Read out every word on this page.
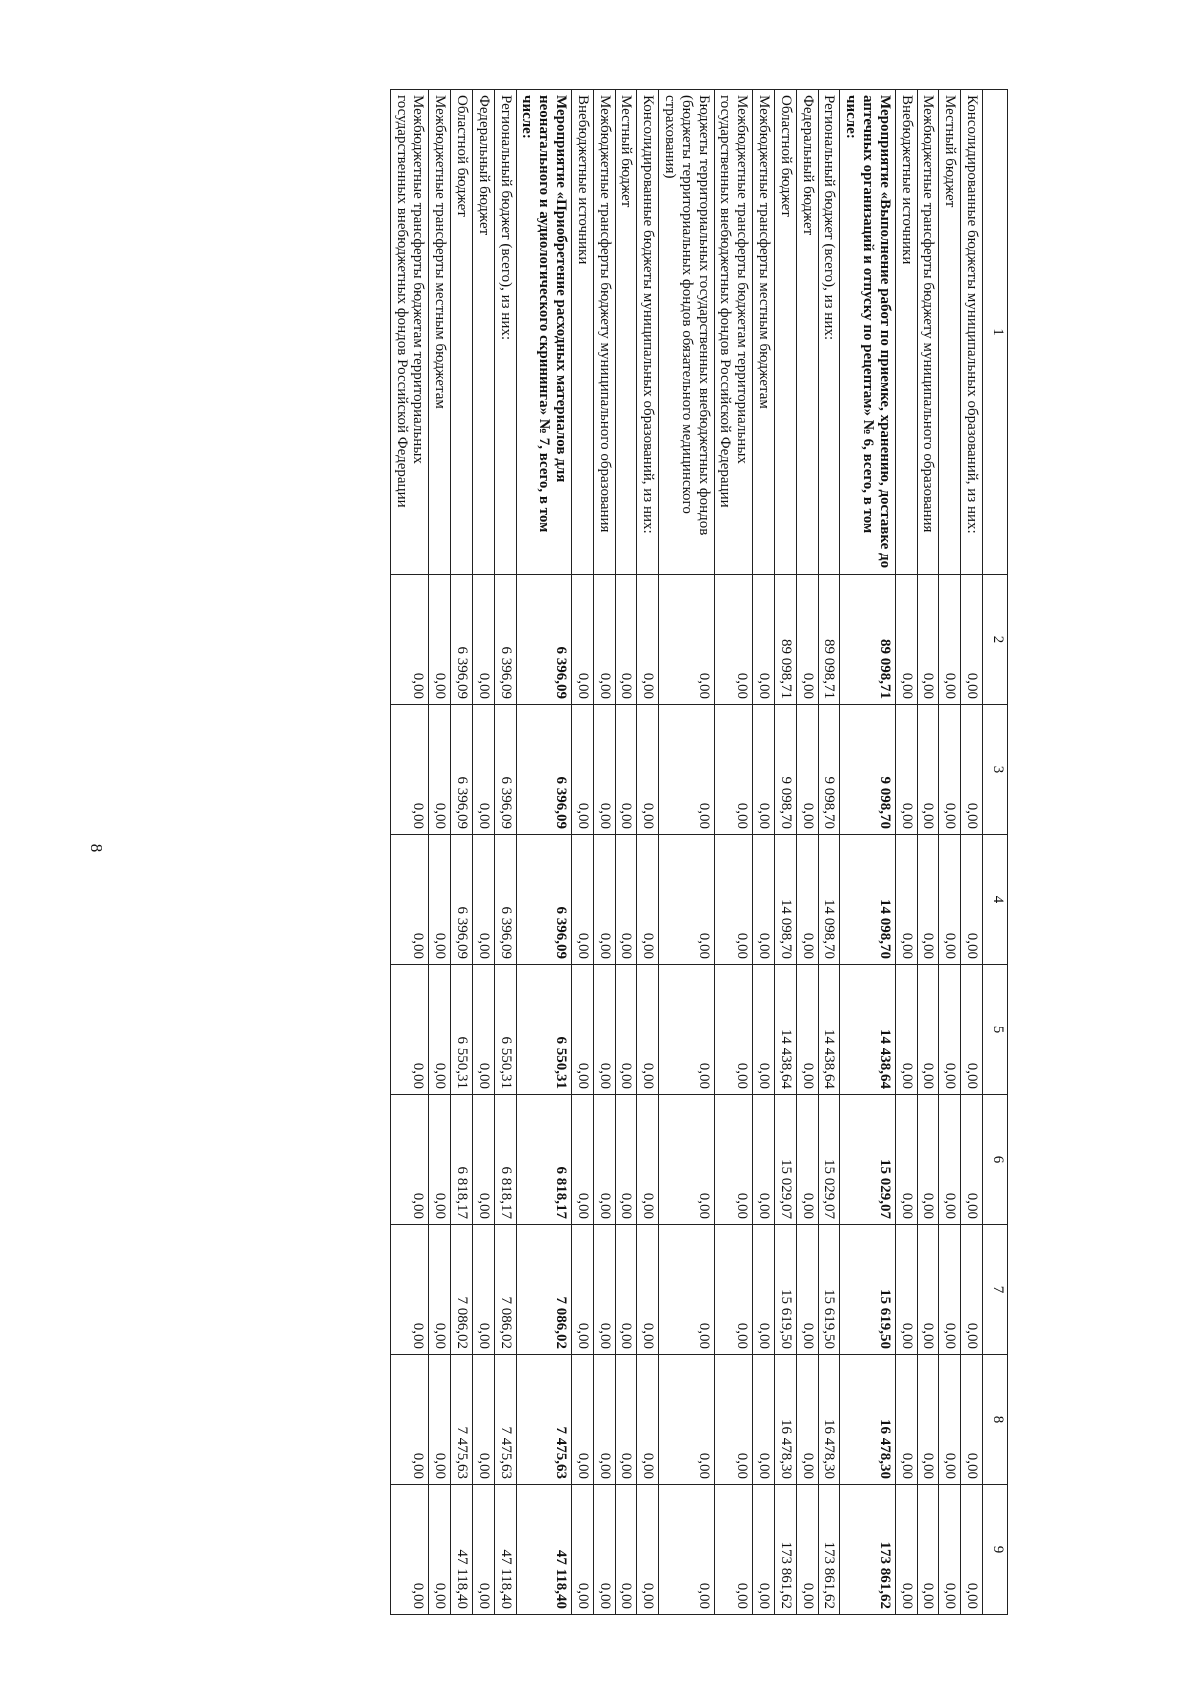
8
1	2	3	4	5	6	7	8	9
Консолидированные бюджеты муниципальных образований, из них:	0,00	0,00	0,00	0,00	0,00	0,00	0,00	0,00
Местный бюджет	0,00	0,00	0,00	0,00	0,00	0,00	0,00	0,00
Межбюджетные трансферты бюджету муниципального образования	0,00	0,00	0,00	0,00	0,00	0,00	0,00	0,00
Внебюджетные источники	0,00	0,00	0,00	0,00	0,00	0,00	0,00	0,00
Мероприятие «Выполнение работ по приемке, хранению, доставке до аптечных организаций и отпуску по рецептам» № 6, всего, в том числе:	89 098,71	9 098,70	14 098,70	14 438,64	15 029,07	15 619,50	16 478,30	173 861,62
Региональный бюджет (всего), из них:	89 098,71	9 098,70	14 098,70	14 438,64	15 029,07	15 619,50	16 478,30	173 861,62
Федеральный бюджет	0,00	0,00	0,00	0,00	0,00	0,00	0,00	0,00
Областной бюджет	89 098,71	9 098,70	14 098,70	14 438,64	15 029,07	15 619,50	16 478,30	173 861,62
Межбюджетные трансферты местным бюджетам	0,00	0,00	0,00	0,00	0,00	0,00	0,00	0,00
Межбюджетные трансферты бюджетам территориальных государственных внебюджетных фондов Российской Федерации	0,00	0,00	0,00	0,00	0,00	0,00	0,00	0,00
Бюджеты территориальных государственных внебюджетных фондов (бюджеты территориальных фондов обязательного медицинского страхования)	0,00	0,00	0,00	0,00	0,00	0,00	0,00	0,00
Консолидированные бюджеты муниципальных образований, из них:	0,00	0,00	0,00	0,00	0,00	0,00	0,00	0,00
Местный бюджет	0,00	0,00	0,00	0,00	0,00	0,00	0,00	0,00
Межбюджетные трансферты бюджету муниципального образования	0,00	0,00	0,00	0,00	0,00	0,00	0,00	0,00
Внебюджетные источники	0,00	0,00	0,00	0,00	0,00	0,00	0,00	0,00
Мероприятие «Приобретение расходных материалов для неонатального и аудиологического скрининга» № 7, всего, в том числе:	6 396,09	6 396,09	6 396,09	6 550,31	6 818,17	7 086,02	7 475,63	47 118,40
Региональный бюджет (всего), из них:	6 396,09	6 396,09	6 396,09	6 550,31	6 818,17	7 086,02	7 475,63	47 118,40
Федеральный бюджет	0,00	0,00	0,00	0,00	0,00	0,00	0,00	0,00
Областной бюджет	6 396,09	6 396,09	6 396,09	6 550,31	6 818,17	7 086,02	7 475,63	47 118,40
Межбюджетные трансферты местным бюджетам	0,00	0,00	0,00	0,00	0,00	0,00	0,00	0,00
Межбюджетные трансферты бюджетам территориальных государственных внебюджетных фондов Российской Федерации	0,00	0,00	0,00	0,00	0,00	0,00	0,00	0,00
